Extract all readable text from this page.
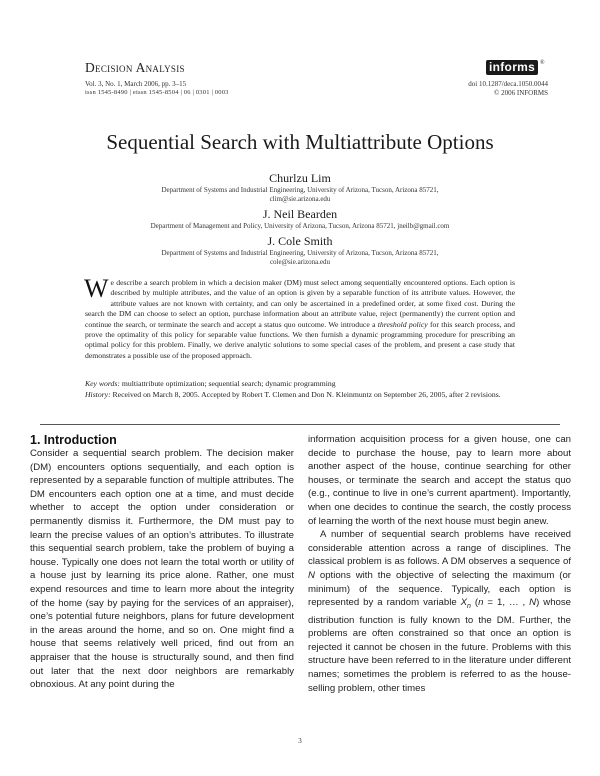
Decision Analysis
Vol. 3, No. 1, March 2006, pp. 3–15
issn 1545-8490 | eissn 1545-8504 | 06 | 0301 | 0003
informs ®
doi 10.1287/deca.1050.0044
© 2006 INFORMS
Sequential Search with Multiattribute Options
Churlzu Lim
Department of Systems and Industrial Engineering, University of Arizona, Tucson, Arizona 85721,
clim@sie.arizona.edu
J. Neil Bearden
Department of Management and Policy, University of Arizona, Tucson, Arizona 85721, jneilb@gmail.com
J. Cole Smith
Department of Systems and Industrial Engineering, University of Arizona, Tucson, Arizona 85721,
cole@sie.arizona.edu

We describe a search problem in which a decision maker (DM) must select among sequentially encountered options. Each option is described by multiple attributes, and the value of an option is given by a separable function of its attribute values. However, the attribute values are not known with certainty, and can only be ascertained in a predefined order, at some fixed cost. During the search the DM can choose to select an option, purchase information about an attribute value, reject (permanently) the current option and continue the search, or terminate the search and accept a status quo outcome. We introduce a threshold policy for this search process, and prove the optimality of this policy for separable value functions. We then furnish a dynamic programming procedure for prescribing an optimal policy for this problem. Finally, we derive analytic solutions to some special cases of the problem, and present a case study that demonstrates a possible use of the proposed approach.

Key words: multiattribute optimization; sequential search; dynamic programming
History: Received on March 8, 2005. Accepted by Robert T. Clemen and Don N. Kleinmuntz on September 26, 2005, after 2 revisions.
1. Introduction

Consider a sequential search problem. The decision maker (DM) encounters options sequentially, and each option is represented by a separable function of multiple attributes. The DM encounters each option one at a time, and must decide whether to accept the option under consideration or permanently dismiss it. Furthermore, the DM must pay to learn the precise values of an option’s attributes. To illustrate this sequential search problem, take the problem of buying a house. Typically one does not learn the total worth or utility of a house just by learning its price alone. Rather, one must expend resources and time to learn more about the integrity of the home (say by paying for the services of an appraiser), one’s potential future neighbors, plans for future development in the areas around the home, and so on. One might find a house that seems relatively well priced, find out from an appraiser that the house is structurally sound, and then find out later that the next door neighbors are remarkably obnoxious. At any point during the

information acquisition process for a given house, one can decide to purchase the house, pay to learn more about another aspect of the house, continue searching for other houses, or terminate the search and accept the status quo (e.g., continue to live in one’s current apartment). Importantly, when one decides to continue the search, the costly process of learning the worth of the next house must begin anew.

A number of sequential search problems have received considerable attention across a range of disciplines. The classical problem is as follows. A DM observes a sequence of N options with the objective of selecting the maximum (or minimum) of the sequence. Typically, each option is represented by a random variable $X_n$ (n = 1, … , N) whose distribution function is fully known to the DM. Further, the problems are often constrained so that once an option is rejected it cannot be chosen in the future. Problems with this structure have been referred to in the literature under different names; sometimes the problem is referred to as the house-selling problem, other times

3
